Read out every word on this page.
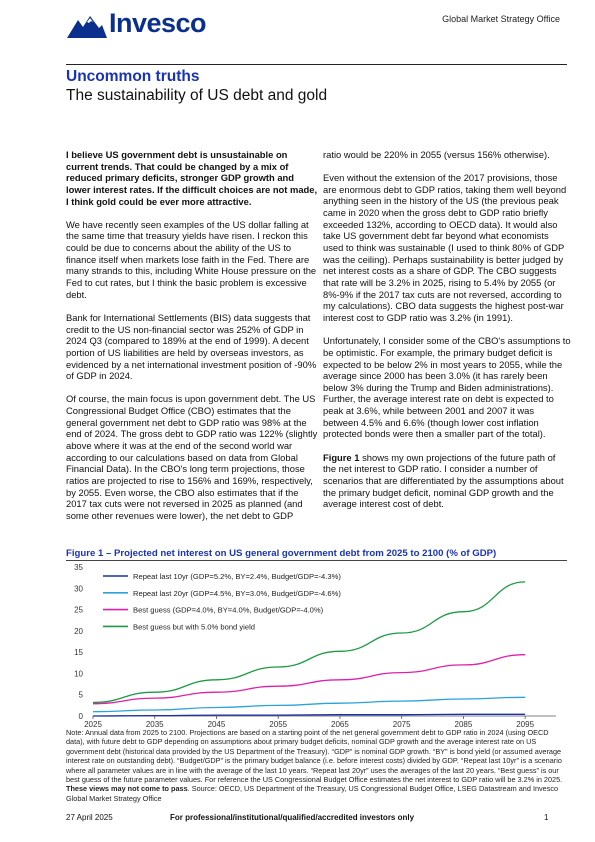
Invesco	Global Market Strategy Office
Uncommon truths
The sustainability of US debt and gold

I believe US government debt is unsustainable on current trends. That could be changed by a mix of reduced primary deficits, stronger GDP growth and lower interest rates. If the difficult choices are not made, I think gold could be ever more attractive.

We have recently seen examples of the US dollar falling at the same time that treasury yields have risen. I reckon this could be due to concerns about the ability of the US to finance itself when markets lose faith in the Fed. There are many strands to this, including White House pressure on the Fed to cut rates, but I think the basic problem is excessive debt.

Bank for International Settlements (BIS) data suggests that credit to the US non-financial sector was 252% of GDP in 2024 Q3 (compared to 189% at the end of 1999). A decent portion of US liabilities are held by overseas investors, as evidenced by a net international investment position of -90% of GDP in 2024.

Of course, the main focus is upon government debt. The US Congressional Budget Office (CBO) estimates that the general government net debt to GDP ratio was 98% at the end of 2024. The gross debt to GDP ratio was 122% (slightly above where it was at the end of the second world war according to our calculations based on data from Global Financial Data). In the CBO's long term projections, those ratios are projected to rise to 156% and 169%, respectively, by 2055. Even worse, the CBO also estimates that if the 2017 tax cuts were not reversed in 2025 as planned (and some other revenues were lower), the net debt to GDP

ratio would be 220% in 2055 (versus 156% otherwise).

Even without the extension of the 2017 provisions, those are enormous debt to GDP ratios, taking them well beyond anything seen in the history of the US (the previous peak came in 2020 when the gross debt to GDP ratio briefly exceeded 132%, according to OECD data). It would also take US government debt far beyond what economists used to think was sustainable (I used to think 80% of GDP was the ceiling). Perhaps sustainability is better judged by net interest costs as a share of GDP. The CBO suggests that rate will be 3.2% in 2025, rising to 5.4% by 2055 (or 8%-9% if the 2017 tax cuts are not reversed, according to my calculations). CBO data suggests the highest post-war interest cost to GDP ratio was 3.2% (in 1991).

Unfortunately, I consider some of the CBO's assumptions to be optimistic. For example, the primary budget deficit is expected to be below 2% in most years to 2055, while the average since 2000 has been 3.0% (it has rarely been below 3% during the Trump and Biden administrations). Further, the average interest rate on debt is expected to peak at 3.6%, while between 2001 and 2007 it was between 4.5% and 6.6% (though lower cost inflation protected bonds were then a smaller part of the total).

Figure 1 shows my own projections of the future path of the net interest to GDP ratio. I consider a number of scenarios that are differentiated by the assumptions about the primary budget deficit, nominal GDP growth and the average interest cost of debt.

Figure 1 – Projected net interest on US general government debt from 2025 to 2100 (% of GDP)
0
5
10
15
20
25
30
35
2025	2035	2045	2055	2065	2075	2085	2095
Repeat last 10yr (GDP=5.2%, BY=2.4%, Budget/GDP=-4.3%)
Repeat last 20yr (GDP=4.5%, BY=3.0%, Budget/GDP=-4.6%)
Best guess (GDP=4.0%, BY=4.0%, Budget/GDP=-4.0%)
Best guess but with 5.0% bond yield
Note: Annual data from 2025 to 2100. Projections are based on a starting point of the net general government debt to GDP ratio in 2024 (using OECD data), with future debt to GDP depending on assumptions about primary budget deficits, nominal GDP growth and the average interest rate on US government debt (historical data provided by the US Department of the Treasury). “GDP” is nominal GDP growth. “BY” is bond yield (or assumed average interest rate on outstanding debt). “Budget/GDP” is the primary budget balance (i.e. before interest costs) divided by GDP. “Repeat last 10yr” is a scenario where all parameter values are in line with the average of the last 10 years. “Repeat last 20yr” uses the averages of the last 20 years. “Best guess” is our best guess of the future parameter values. For reference the US Congressional Budget Office estimates the net interest to GDP ratio will be 3.2% in 2025. These views may not come to pass. Source: OECD, US Department of the Treasury, US Congressional Budget Office, LSEG Datastream and Invesco Global Market Strategy Office
27 April 2025	For professional/institutional/qualified/accredited investors only	1
